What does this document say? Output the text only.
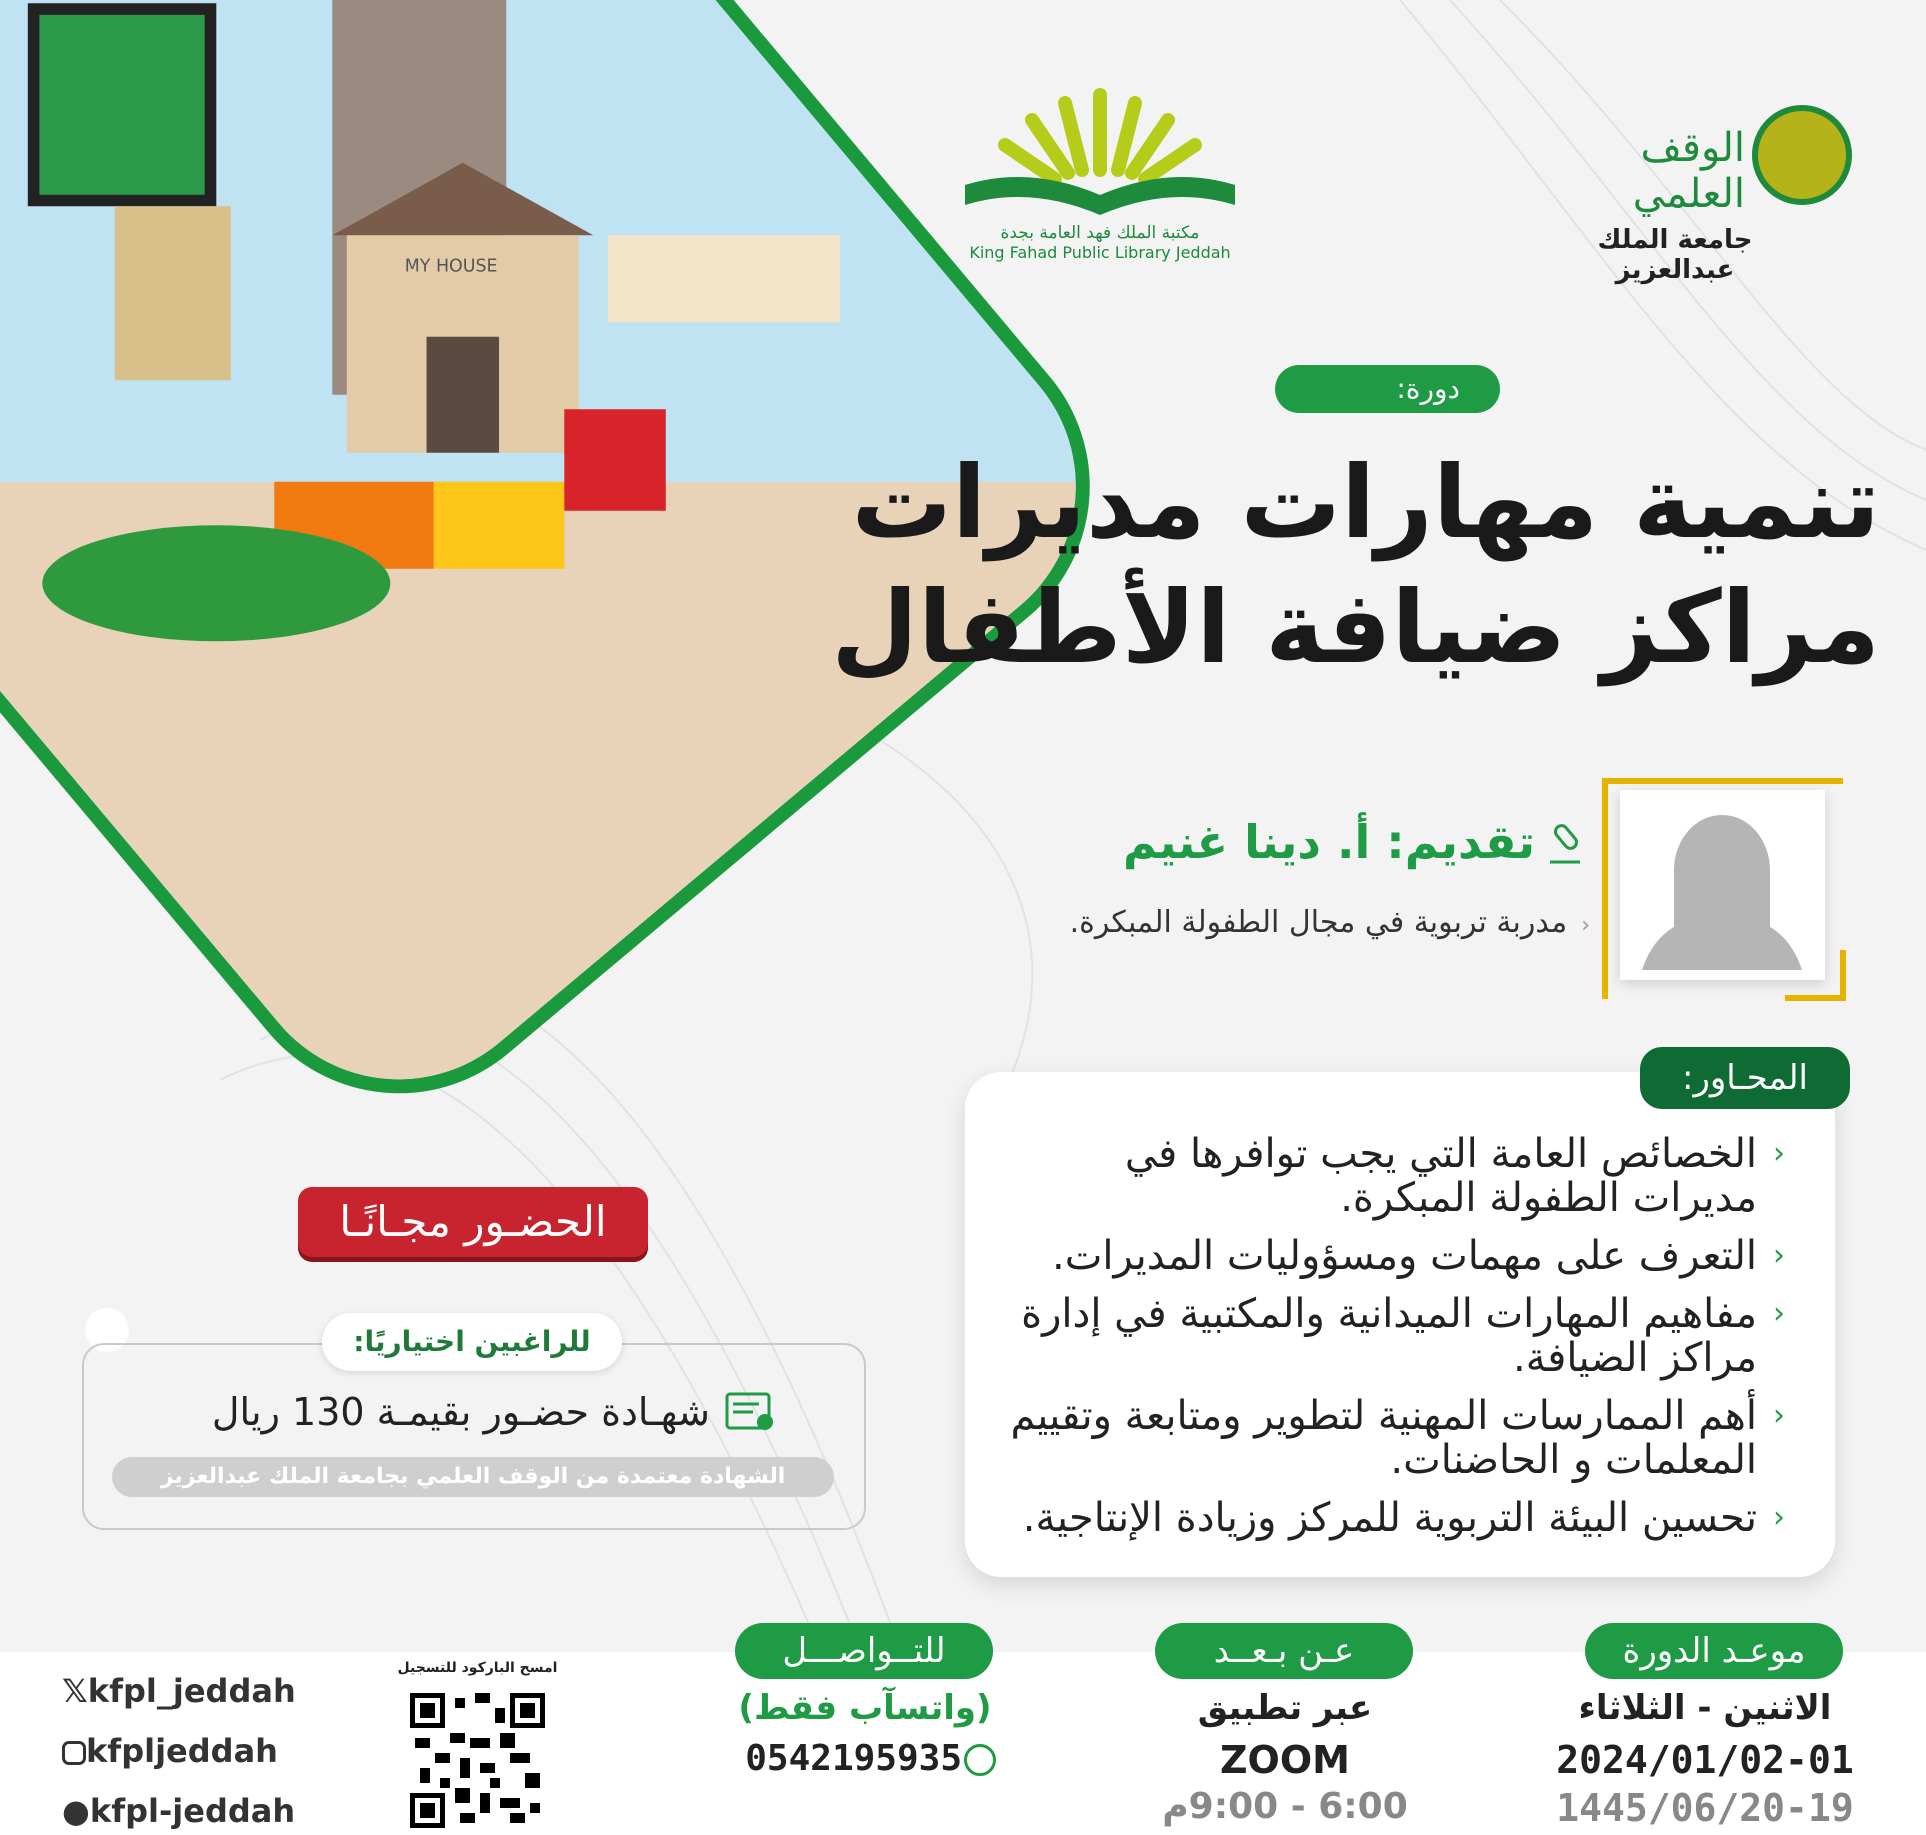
MY HOUSE
مكتبة الملك فهد العامة بجدة
King Fahad Public Library Jeddah
الوقف العلمي
جامعة الملك عبدالعزيز
دورة:
تنمية مهارات مديرات
مراكز ضيافة الأطفال
تقديم: أ. دينا غنيم
‹مدربة تربوية في مجال الطفولة المبكرة.
‹
الخصائص العامة التي يجب توافرها في مديرات الطفولة المبكرة.
‹
التعرف على مهمات ومسؤوليات المديرات.
‹
مفاهيم المهارات الميدانية والمكتبية في إدارة مراكز الضيافة.
‹
أهم الممارسات المهنية لتطوير ومتابعة وتقييم المعلمات و الحاضنات.
‹
تحسين البيئة التربوية للمركز وزيادة الإنتاجية.
المحـاور:
الحضـور مجـانًـا
للراغبين اختياريًا:
شهـادة حضـور بقيمـة 130 ريال
الشهادة معتمدة من الوقف العلمي بجامعة الملك عبدالعزيز
موعـد الدورة
الاثنين - الثلاثاء
2024/01/02-01
1445/06/20-19
عـن بـعــد
عبر تطبيق
ZOOM
6:00 - 9:00م
للتــواصـــل
(واتسآب فقط)
0542195935
امسح الباركود للتسجيل
𝕏kfpl_jeddah
kfpljeddah
●kfpl-jeddah
